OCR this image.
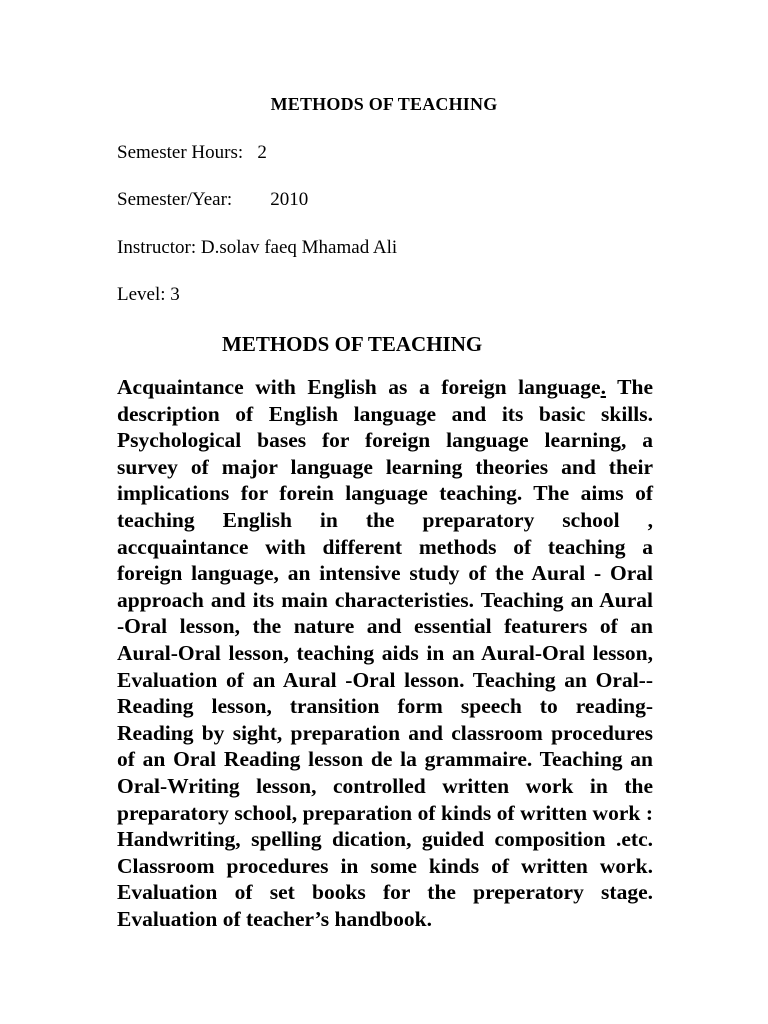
METHODS OF TEACHING
Semester Hours:   2
Semester/Year:        2010
Instructor: D.solav faeq Mhamad Ali
Level: 3
METHODS OF TEACHING

Acquaintance with English as a foreign language. The description of English language and its basic skills. Psychological bases for foreign language learning, a survey of major language learning theories and their implications for forein language teaching. The aims of teaching English in the preparatory school , accquaintance with different methods of teaching a foreign language, an intensive study of the Aural - Oral approach and its main characteristies. Teaching an Aural -Oral lesson, the nature and essential featurers of an Aural-Oral lesson, teaching aids in an Aural-Oral lesson, Evaluation of an Aural -Oral lesson. Teaching an Oral--Reading lesson, transition form speech to reading-Reading by sight, preparation and classroom procedures of an Oral Reading lesson de la grammaire. Teaching an Oral-Writing lesson, controlled written work in the preparatory school, preparation of kinds of written work : Handwriting, spelling dication, guided composition .etc. Classroom procedures in some kinds of written work. Evaluation of set books for the preperatory stage. Evaluation of teacher’s handbook.
